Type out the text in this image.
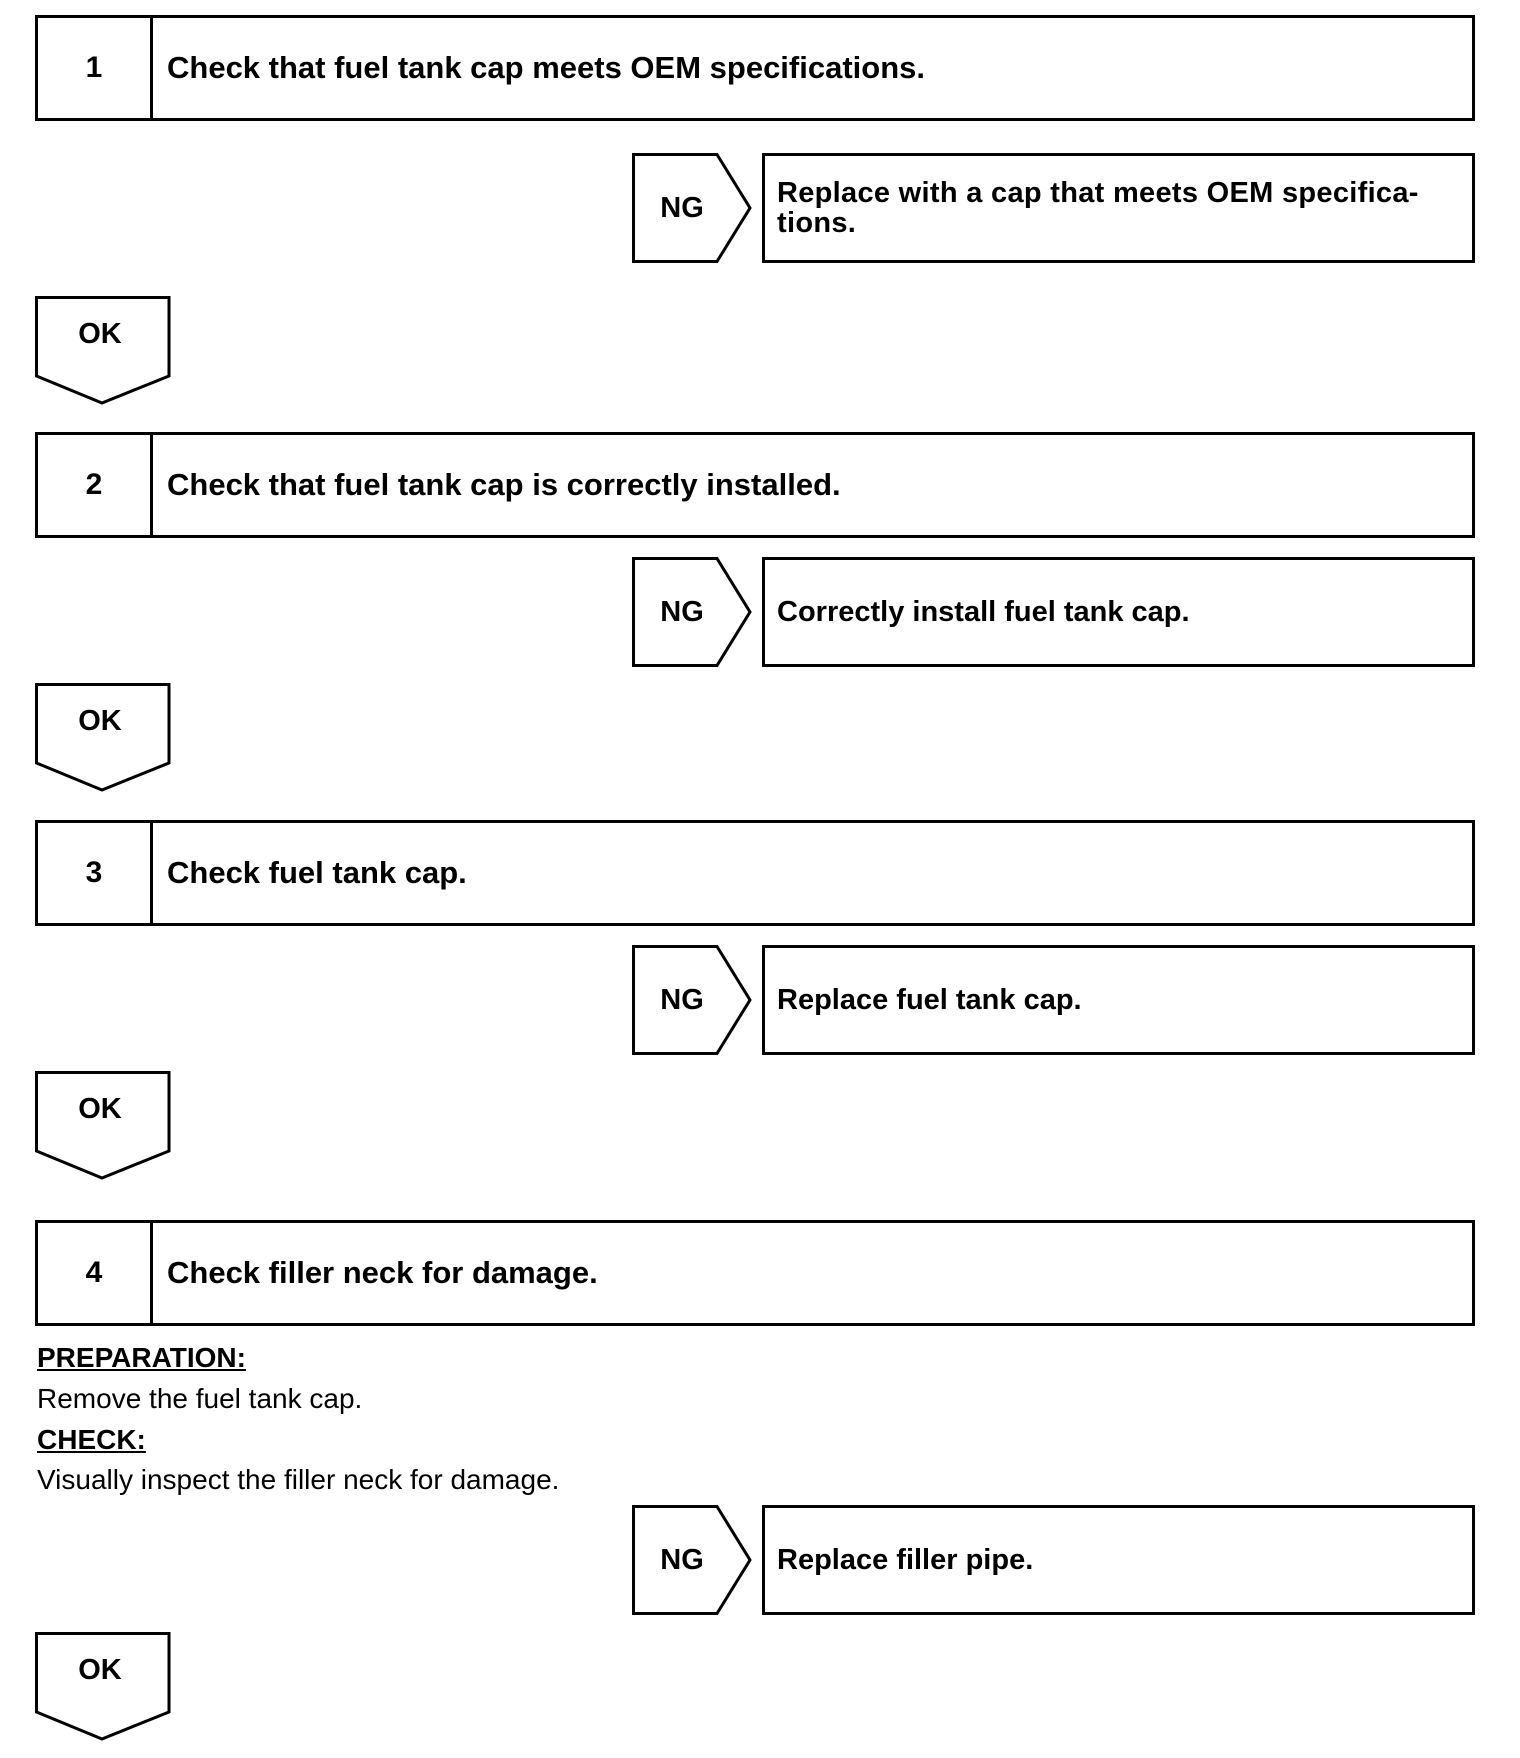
1	Check that fuel tank cap meets OEM specifications.
NG	Replace with a cap that meets OEM specifica-
tions.
OK
2	Check that fuel tank cap is correctly installed.
NG	Correctly install fuel tank cap.
OK
3	Check fuel tank cap.
NG	Replace fuel tank cap.
OK
4	Check filler neck for damage.
PREPARATION:
Remove the fuel tank cap.
CHECK:
Visually inspect the filler neck for damage.
NG	Replace filler pipe.
OK
